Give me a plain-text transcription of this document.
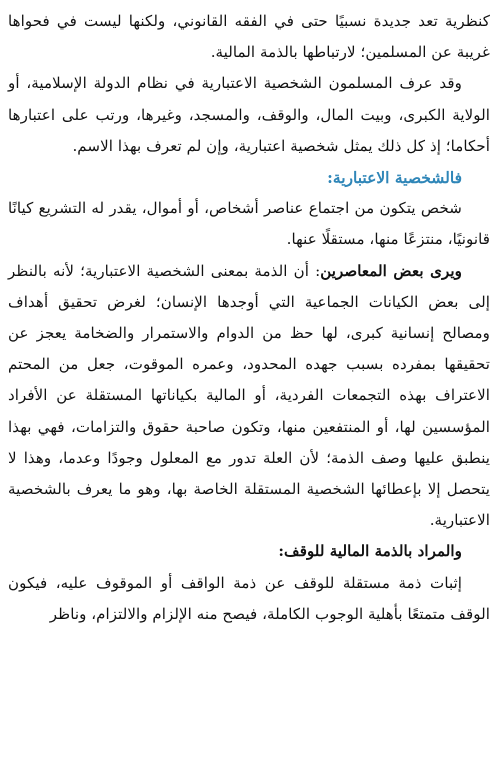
كنظرية تعد جديدة نسبيًا حتى في الفقه القانوني، ولكنها ليست في فحواها غريبة عن المسلمين؛ لارتباطها بالذمة المالية.

وقد عرف المسلمون الشخصية الاعتبارية في نظام الدولة الإسلامية، أو الولاية الكبرى، وبيت المال، والوقف، والمسجد، وغيرها، ورتب على اعتبارها أحكاما؛ إذ كل ذلك يمثل شخصية اعتبارية، وإن لم تعرف بهذا الاسم.

فالشخصية الاعتبارية:

شخص يتكون من اجتماع عناصر أشخاص، أو أموال، يقدر له التشريع كيانًا قانونيًا، منتزعًا منها، مستقلًا عنها.

ويرى بعض المعاصرين: أن الذمة بمعنى الشخصية الاعتبارية؛ لأنه بالنظر إلى بعض الكيانات الجماعية التي أوجدها الإنسان؛ لغرض تحقيق أهداف ومصالح إنسانية كبرى، لها حظ من الدوام والاستمرار والضخامة يعجز عن تحقيقها بمفرده بسبب جهده المحدود، وعمره الموقوت، جعل من المحتم الاعتراف بهذه التجمعات الفردية، أو المالية بكياناتها المستقلة عن الأفراد المؤسسين لها، أو المنتفعين منها، وتكون صاحبة حقوق والتزامات، فهي بهذا ينطبق عليها وصف الذمة؛ لأن العلة تدور مع المعلول وجودًا وعدما، وهذا لا يتحصل إلا بإعطائها الشخصية المستقلة الخاصة بها، وهو ما يعرف بالشخصية الاعتبارية.

والمراد بالذمة المالية للوقف:

إثبات ذمة مستقلة للوقف عن ذمة الواقف أو الموقوف عليه، فيكون الوقف متمتعًا بأهلية الوجوب الكاملة، فيصح منه الإلزام والالتزام، وناظر
